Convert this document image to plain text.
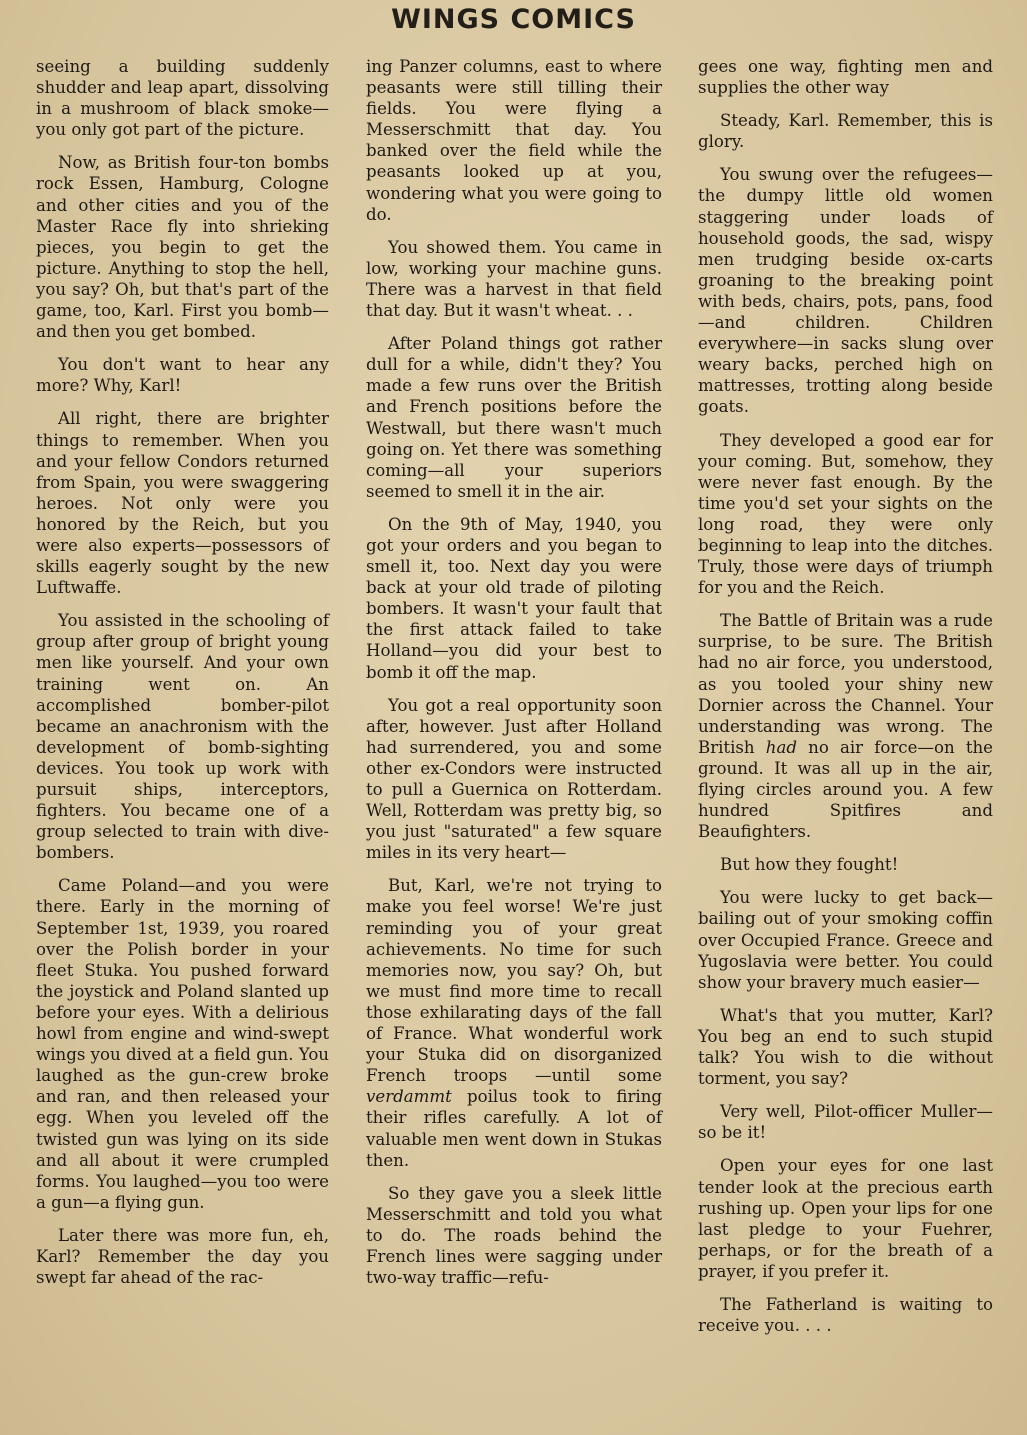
WINGS COMICS

seeing a building suddenly shudder and leap apart, dissolving in a mushroom of black smoke—you only got part of the picture.

Now, as British four-ton bombs rock Essen, Hamburg, Cologne and other cities and you of the Master Race fly into shrieking pieces, you begin to get the picture. Anything to stop the hell, you say? Oh, but that's part of the game, too, Karl. First you bomb—and then you get bombed.

You don't want to hear any more? Why, Karl!

All right, there are brighter things to remember. When you and your fellow Condors returned from Spain, you were swaggering heroes. Not only were you honored by the Reich, but you were also experts—possessors of skills eagerly sought by the new Luftwaffe.

You assisted in the schooling of group after group of bright young men like yourself. And your own training went on. An accomplished bomber-pilot became an anachronism with the development of bomb-sighting devices. You took up work with pursuit ships, interceptors, fighters. You became one of a group selected to train with dive-bombers.

Came Poland—and you were there. Early in the morning of September 1st, 1939, you roared over the Polish border in your fleet Stuka. You pushed forward the joystick and Poland slanted up before your eyes. With a delirious howl from engine and wind-swept wings you dived at a field gun. You laughed as the gun-crew broke and ran, and then released your egg. When you leveled off the twisted gun was lying on its side and all about it were crumpled forms. You laughed—you too were a gun—a flying gun.

Later there was more fun, eh, Karl? Remember the day you swept far ahead of the rac-

ing Panzer columns, east to where peasants were still tilling their fields. You were flying a Messerschmitt that day. You banked over the field while the peasants looked up at you, wondering what you were going to do.

You showed them. You came in low, working your machine guns. There was a harvest in that field that day. But it wasn't wheat. . .

After Poland things got rather dull for a while, didn't they? You made a few runs over the British and French positions before the Westwall, but there wasn't much going on. Yet there was something coming—all your superiors seemed to smell it in the air.

On the 9th of May, 1940, you got your orders and you began to smell it, too. Next day you were back at your old trade of piloting bombers. It wasn't your fault that the first attack failed to take Holland—you did your best to bomb it off the map.

You got a real opportunity soon after, however. Just after Holland had surrendered, you and some other ex-Condors were instructed to pull a Guernica on Rotterdam. Well, Rotterdam was pretty big, so you just "saturated" a few square miles in its very heart—

But, Karl, we're not trying to make you feel worse! We're just reminding you of your great achievements. No time for such memories now, you say? Oh, but we must find more time to recall those exhilarating days of the fall of France. What wonderful work your Stuka did on disorganized French troops —until some verdammt poilus took to firing their rifles carefully. A lot of valuable men went down in Stukas then.

So they gave you a sleek little Messerschmitt and told you what to do. The roads behind the French lines were sagging under two-way traffic—refu-

gees one way, fighting men and supplies the other way

Steady, Karl. Remember, this is glory.

You swung over the refugees—the dumpy little old women staggering under loads of household goods, the sad, wispy men trudging beside ox-carts groaning to the breaking point with beds, chairs, pots, pans, food—and children. Children everywhere—in sacks slung over weary backs, perched high on mattresses, trotting along beside goats.

They developed a good ear for your coming. But, somehow, they were never fast enough. By the time you'd set your sights on the long road, they were only beginning to leap into the ditches. Truly, those were days of triumph for you and the Reich.

The Battle of Britain was a rude surprise, to be sure. The British had no air force, you understood, as you tooled your shiny new Dornier across the Channel. Your understanding was wrong. The British had no air force—on the ground. It was all up in the air, flying circles around you. A few hundred Spitfires and Beaufighters.

But how they fought!

You were lucky to get back—bailing out of your smoking coffin over Occupied France. Greece and Yugoslavia were better. You could show your bravery much easier—

What's that you mutter, Karl? You beg an end to such stupid talk? You wish to die without torment, you say?

Very well, Pilot-officer Muller—so be it!

Open your eyes for one last tender look at the precious earth rushing up. Open your lips for one last pledge to your Fuehrer, perhaps, or for the breath of a prayer, if you prefer it.

The Fatherland is waiting to receive you. . . .
